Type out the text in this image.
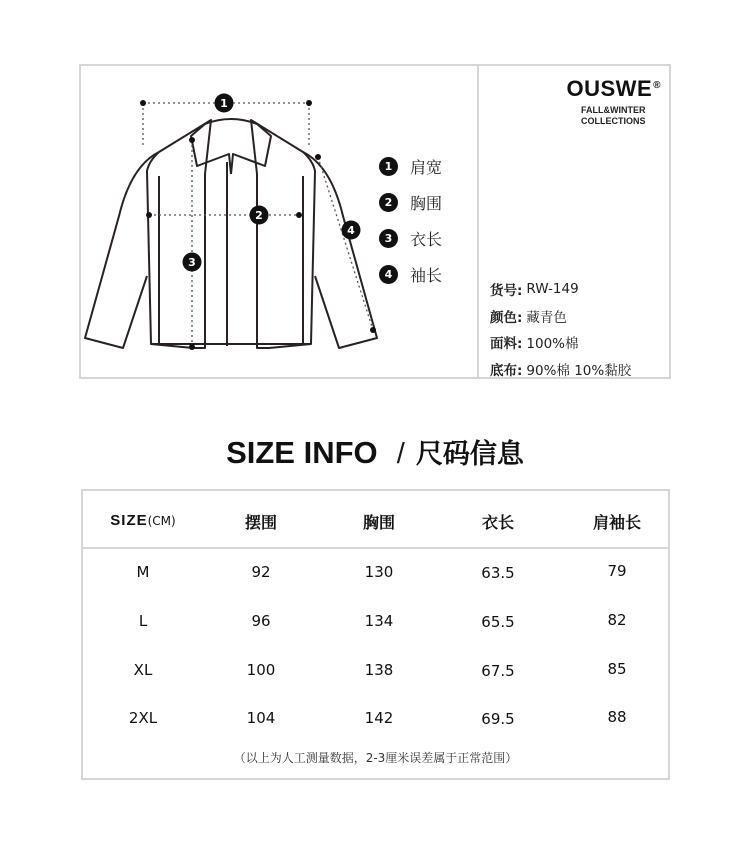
1
2
3
4
1	肩宽
2	胸围
3	衣长
4	袖长
OUSWE®
FALL&WINTER
COLLECTIONS
货号: RW-149
颜色: 藏青色
面料: 100%棉
底布: 90%棉 10%黏胶
SIZE INFO / 尺码信息
SIZE(CM)	摆围	胸围	衣长	肩袖长
M	92	130	63.5	79
L	96	134	65.5	82
XL	100	138	67.5	85
2XL	104	142	69.5	88
（以上为人工测量数据，2-3厘米误差属于正常范围）
